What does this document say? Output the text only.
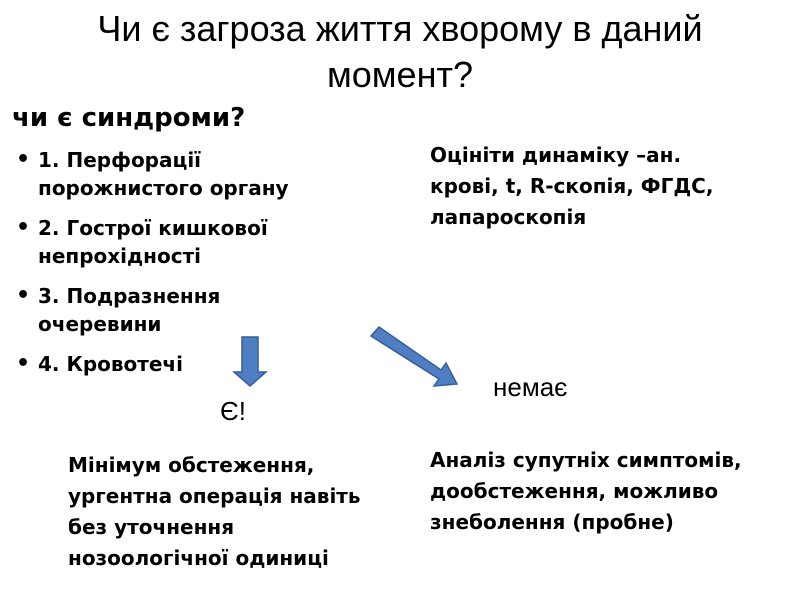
Чи є загроза життя хворому в даний момент?
чи є синдроми?
• 1. Перфорації порожнистого органу
• 2. Гострої кишкової непрохідності
• 3. Подразнення очеревини
• 4. Кровотечі
Оцініти динаміку –ан. крові, t, R-скопія, ФГДС, лапароскопія
Є!
немає
Мінімум обстеження, ургентна операція навіть без уточнення нозоологічної одиниці
Аналіз супутніх симптомів, дообстеження, можливо знеболення (пробне)
